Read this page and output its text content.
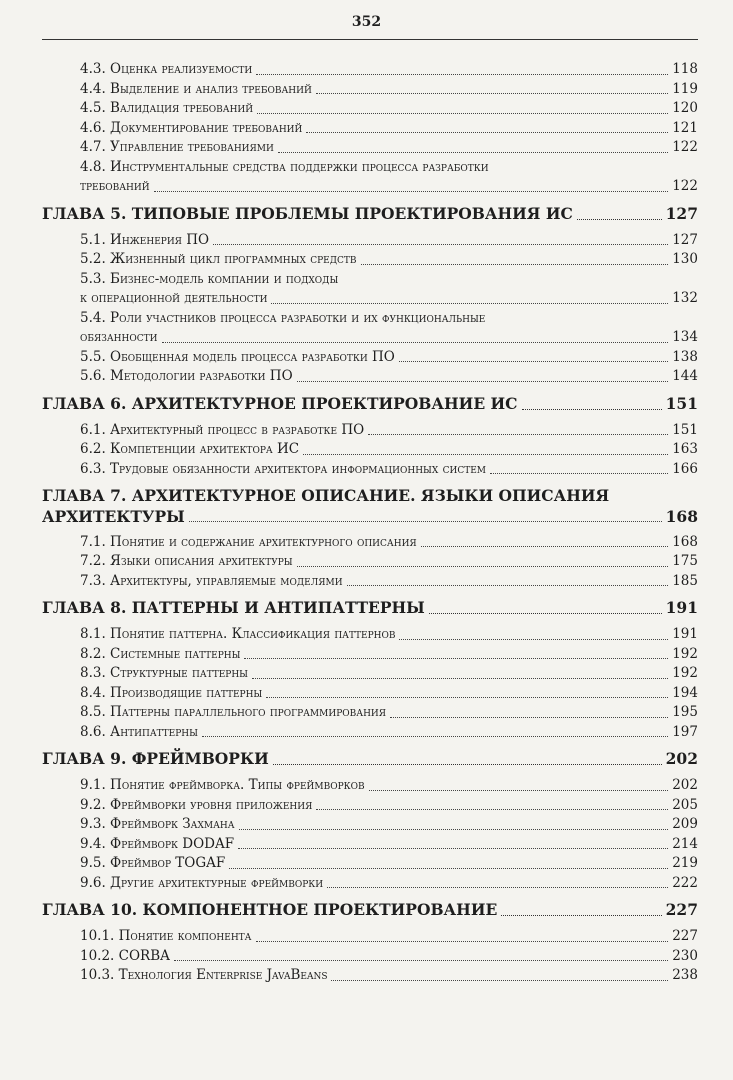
352
4.3. Оценка реализуемости	118
4.4. Выделение и анализ требований	119
4.5. Валидация требований	120
4.6. Документирование требований	121
4.7. Управление требованиями	122
4.8. Инструментальные средства поддержки процесса разработки
требований	122
ГЛАВА 5. ТИПОВЫЕ ПРОБЛЕМЫ ПРОЕКТИРОВАНИЯ ИС	127
5.1. Инженерия ПО	127
5.2. Жизненный цикл программных средств	130
5.3. Бизнес-модель компании и подходы
к операционной деятельности	132
5.4. Роли участников процесса разработки и их функциональные
обязанности	134
5.5. Обобщенная модель процесса разработки ПО	138
5.6. Методологии разработки ПО	144
ГЛАВА 6. АРХИТЕКТУРНОЕ ПРОЕКТИРОВАНИЕ ИС	151
6.1. Архитектурный процесс в разработке ПО	151
6.2. Компетенции архитектора ИС	163
6.3. Трудовые обязанности архитектора информационных систем	166
ГЛАВА 7. АРХИТЕКТУРНОЕ ОПИСАНИЕ. ЯЗЫКИ ОПИСАНИЯ
АРХИТЕКТУРЫ	168
7.1. Понятие и содержание архитектурного описания	168
7.2. Языки описания архитектуры	175
7.3. Архитектуры, управляемые моделями	185
ГЛАВА 8. ПАТТЕРНЫ И АНТИПАТТЕРНЫ	191
8.1. Понятие паттерна. Классификация паттернов	191
8.2. Системные паттерны	192
8.3. Структурные паттерны	192
8.4. Производящие паттерны	194
8.5. Паттерны параллельного программирования	195
8.6. Антипаттерны	197
ГЛАВА 9. ФРЕЙМВОРКИ	202
9.1. Понятие фреймворка. Типы фреймворков	202
9.2. Фреймворки уровня приложения	205
9.3. Фреймворк Захмана	209
9.4. Фреймворк DODAF	214
9.5. Фреймвор TOGAF	219
9.6. Другие архитектурные фреймворки	222
ГЛАВА 10. КОМПОНЕНТНОЕ ПРОЕКТИРОВАНИЕ	227
10.1. Понятие компонента	227
10.2. CORBA	230
10.3. Технология Enterprise JavaBeans	238
